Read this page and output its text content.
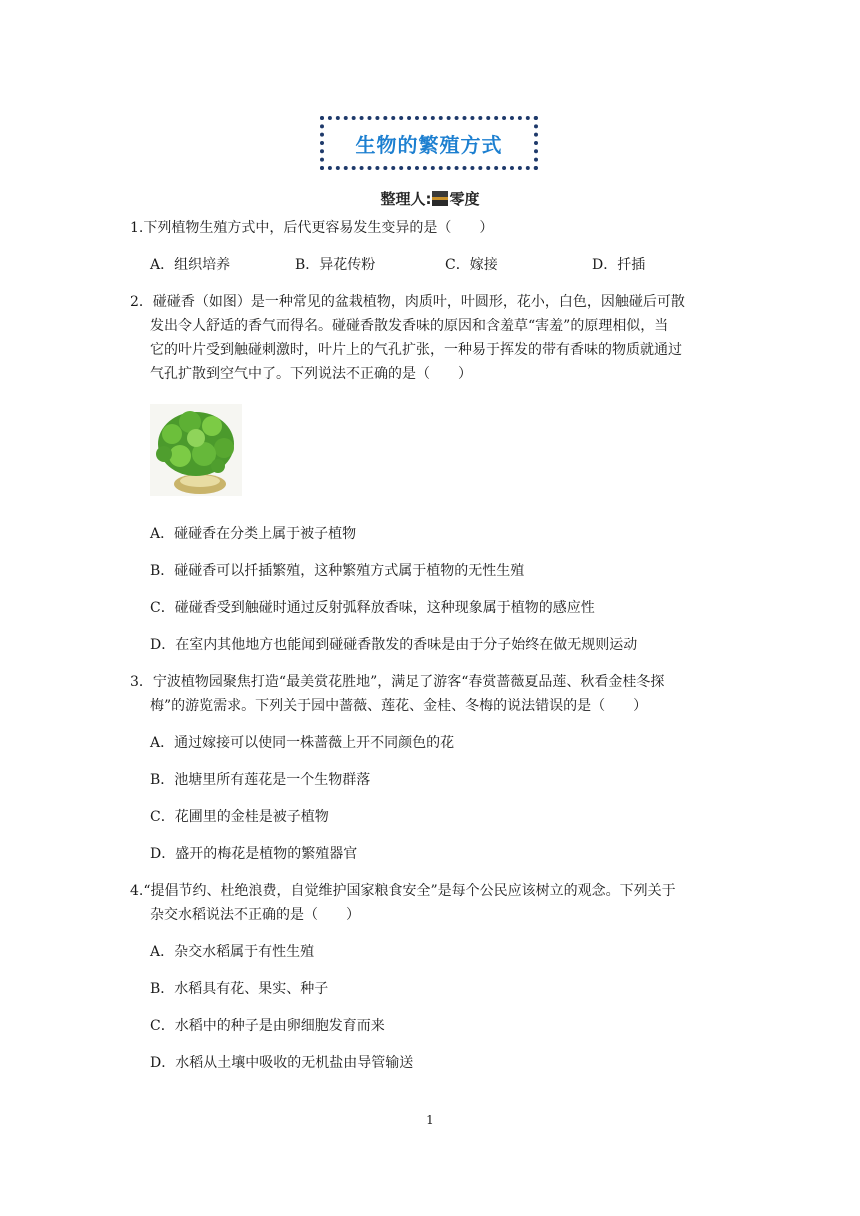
生物的繁殖方式
整理人: 零度
1.下列植物生殖方式中，后代更容易发生变异的是（　　）
A．组织培养	B．异花传粉	C．嫁接	D．扦插
2．碰碰香（如图）是一种常见的盆栽植物，肉质叶，叶圆形，花小，白色，因触碰后可散
发出令人舒适的香气而得名。碰碰香散发香味的原因和含羞草“害羞”的原理相似，当
它的叶片受到触碰刺激时，叶片上的气孔扩张，一种易于挥发的带有香味的物质就通过
气孔扩散到空气中了。下列说法不正确的是（　　）
A．碰碰香在分类上属于被子植物
B．碰碰香可以扦插繁殖，这种繁殖方式属于植物的无性生殖
C．碰碰香受到触碰时通过反射弧释放香味，这种现象属于植物的感应性
D．在室内其他地方也能闻到碰碰香散发的香味是由于分子始终在做无规则运动
3．宁波植物园聚焦打造“最美赏花胜地”，满足了游客“春赏蔷薇夏品莲、秋看金桂冬探
梅”的游览需求。下列关于园中蔷薇、莲花、金桂、冬梅的说法错误的是（　　）
A．通过嫁接可以使同一株蔷薇上开不同颜色的花
B．池塘里所有莲花是一个生物群落
C．花圃里的金桂是被子植物
D．盛开的梅花是植物的繁殖器官
4.“提倡节约、杜绝浪费，自觉维护国家粮食安全”是每个公民应该树立的观念。下列关于
杂交水稻说法不正确的是（　　）
A．杂交水稻属于有性生殖
B．水稻具有花、果实、种子
C．水稻中的种子是由卵细胞发育而来
D．水稻从土壤中吸收的无机盐由导管输送
1
